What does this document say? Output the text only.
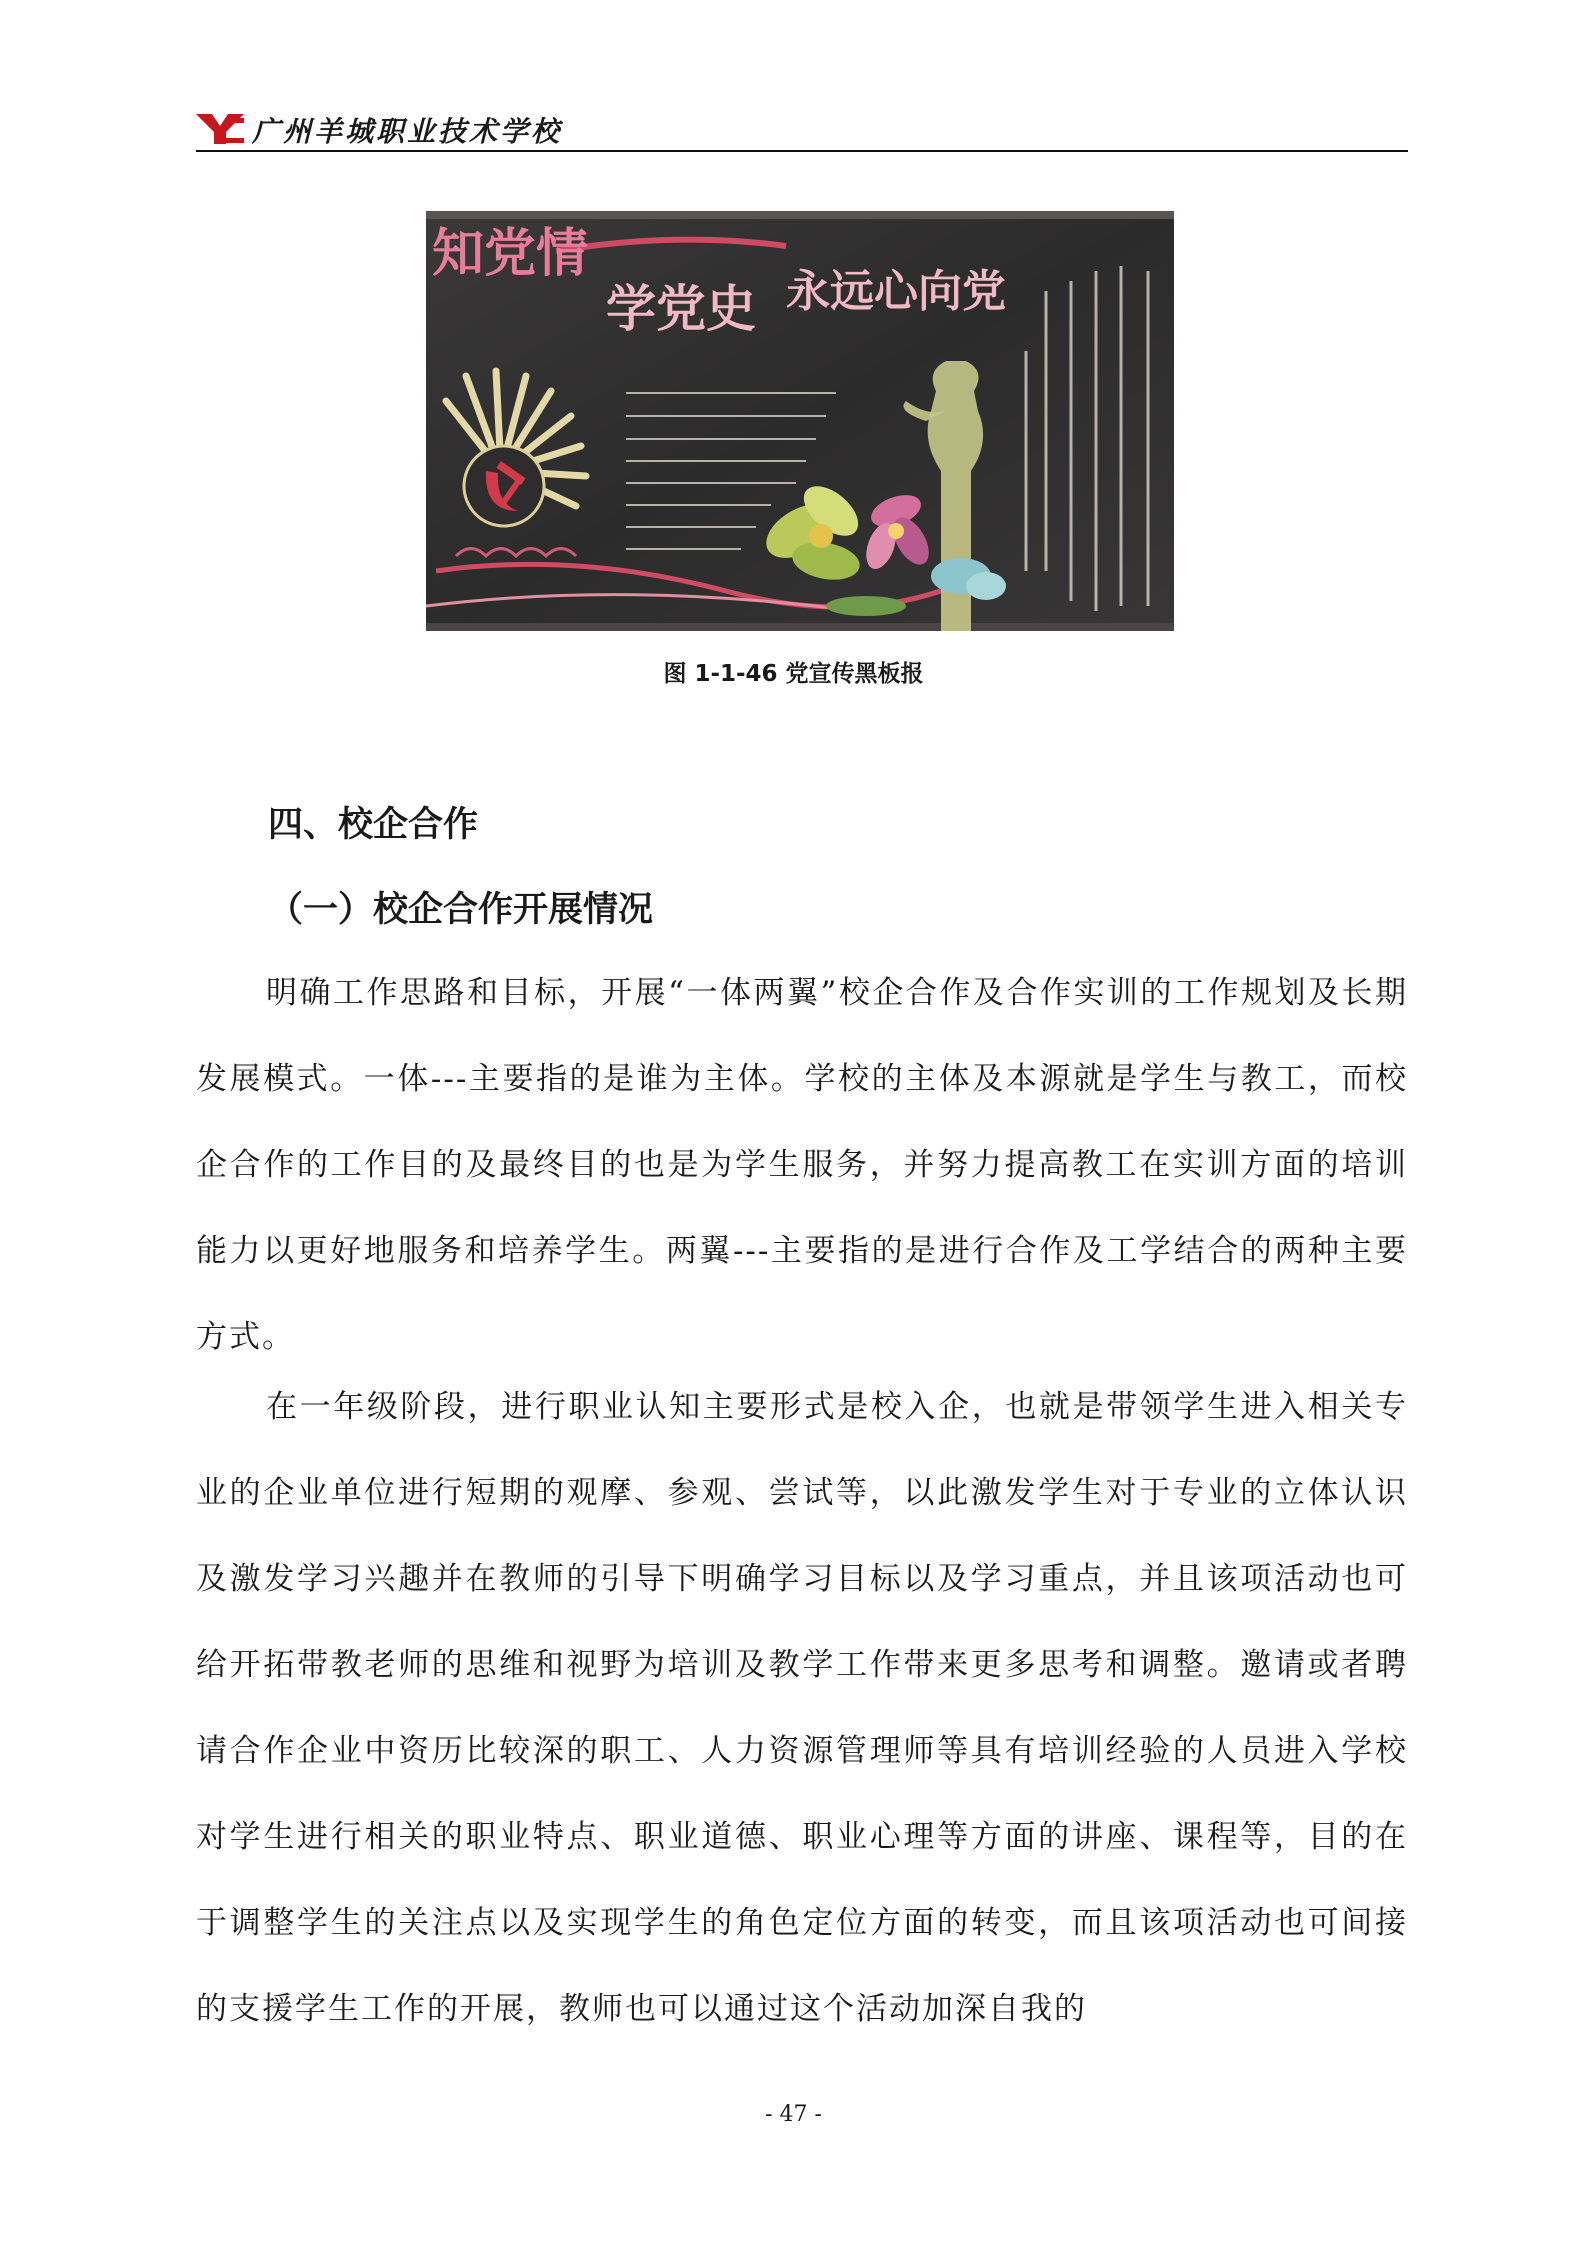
YC
广州羊城职业技术学校
知党情
学党史 永远心向党
图 1-1-46 党宣传黑板报
四、校企合作
（一）校企合作开展情况

明确工作思路和目标，开展“一体两翼”校企合作及合作实训的工作规划及长期发展模式。一体---主要指的是谁为主体。学校的主体及本源就是学生与教工，而校企合作的工作目的及最终目的也是为学生服务，并努力提高教工在实训方面的培训能力以更好地服务和培养学生。两翼---主要指的是进行合作及工学结合的两种主要方式。

在一年级阶段，进行职业认知主要形式是校入企，也就是带领学生进入相关专业的企业单位进行短期的观摩、参观、尝试等，以此激发学生对于专业的立体认识及激发学习兴趣并在教师的引导下明确学习目标以及学习重点，并且该项活动也可给开拓带教老师的思维和视野为培训及教学工作带来更多思考和调整。邀请或者聘请合作企业中资历比较深的职工、人力资源管理师等具有培训经验的人员进入学校对学生进行相关的职业特点、职业道德、职业心理等方面的讲座、课程等，目的在于调整学生的关注点以及实现学生的角色定位方面的转变，而且该项活动也可间接的支援学生工作的开展，教师也可以通过这个活动加深自我的

- 47 -
